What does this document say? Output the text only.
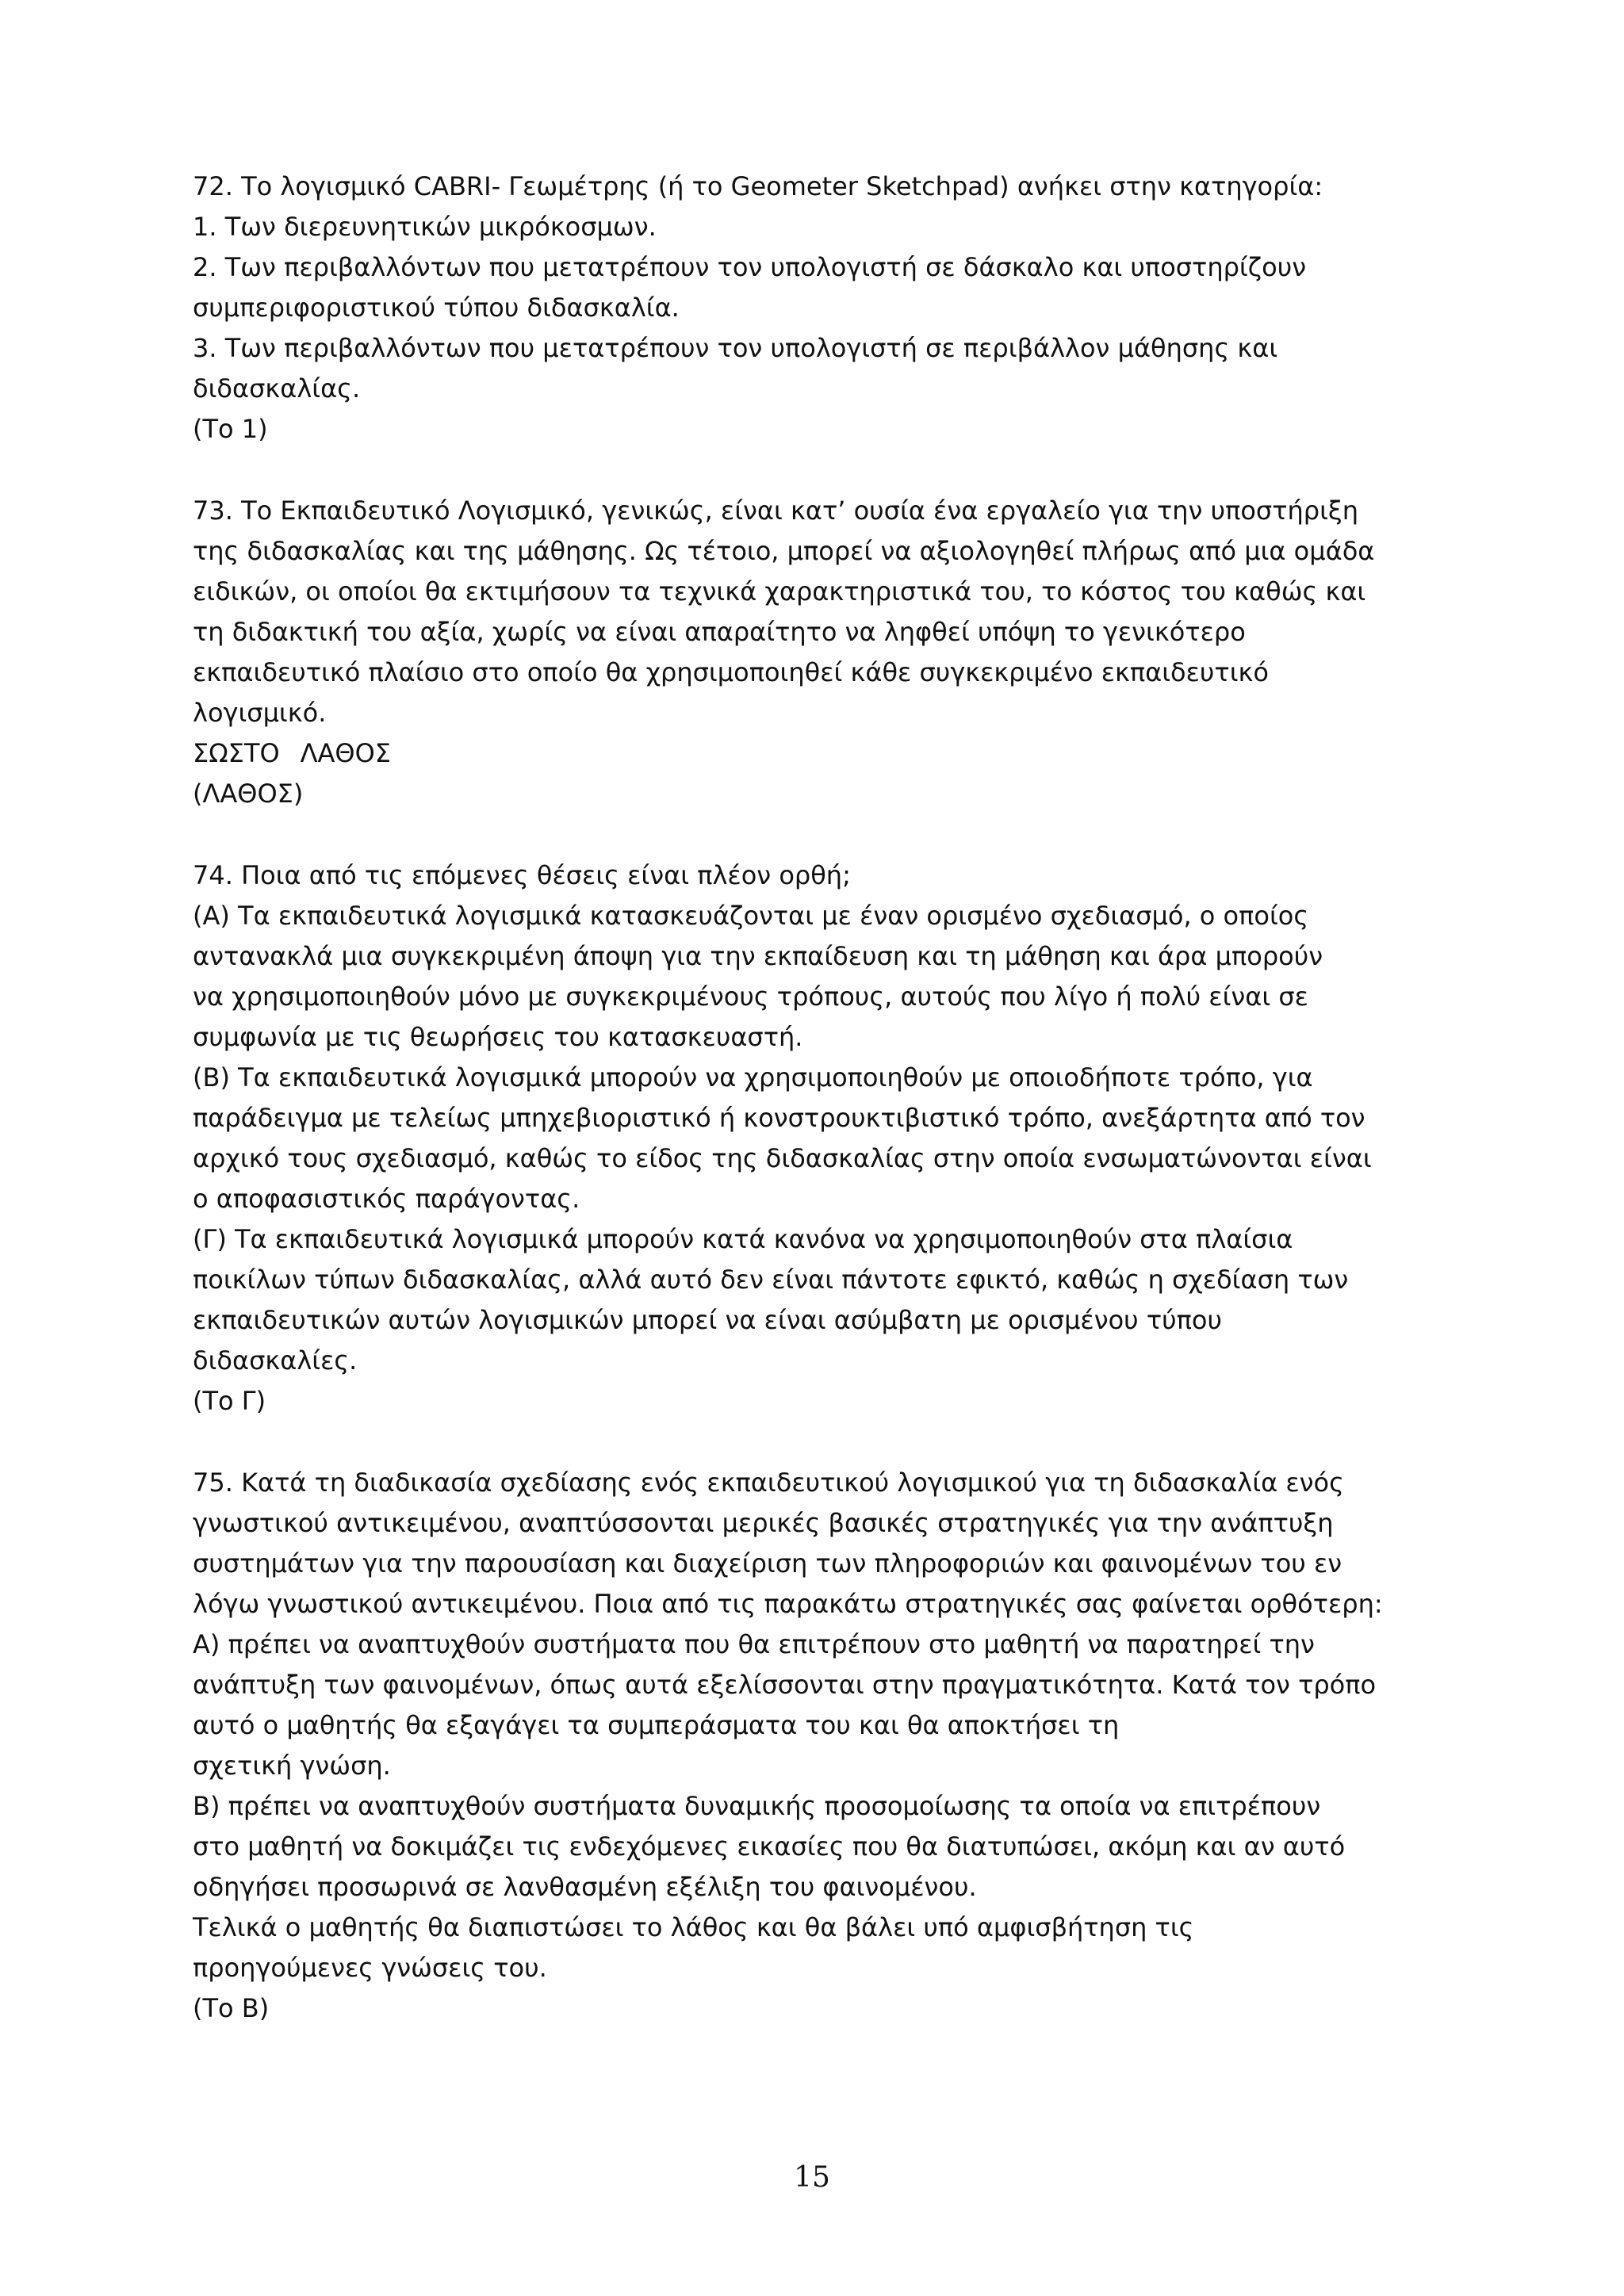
72. Το λογισμικό CABRI- Γεωμέτρης (ή το Geometer Sketchpad) ανήκει στην κατηγορία:
1. Των διερευνητικών μικρόκοσμων.
2. Των περιβαλλόντων που μετατρέπουν τον υπολογιστή σε δάσκαλο και υποστηρίζουν
συμπεριφοριστικού τύπου διδασκαλία.
3. Των περιβαλλόντων που μετατρέπουν τον υπολογιστή σε περιβάλλον μάθησης και
διδασκαλίας.
(Το 1)
73. Το Εκπαιδευτικό Λογισμικό, γενικώς, είναι κατ’ ουσία ένα εργαλείο για την υποστήριξη
της διδασκαλίας και της μάθησης. Ως τέτοιο, μπορεί να αξιολογηθεί πλήρως από μια ομάδα
ειδικών, οι οποίοι θα εκτιμήσουν τα τεχνικά χαρακτηριστικά του, το κόστος του καθώς και
τη διδακτική του αξία, χωρίς να είναι απαραίτητο να ληφθεί υπόψη το γενικότερο
εκπαιδευτικό πλαίσιο στο οποίο θα χρησιμοποιηθεί κάθε συγκεκριμένο εκπαιδευτικό
λογισμικό.
ΣΩΣΤΟ ΛΑΘΟΣ
(ΛΑΘΟΣ)
74. Ποια από τις επόμενες θέσεις είναι πλέον ορθή;
(Α) Τα εκπαιδευτικά λογισμικά κατασκευάζονται με έναν ορισμένο σχεδιασμό, ο οποίος
αντανακλά μια συγκεκριμένη άποψη για την εκπαίδευση και τη μάθηση και άρα μπορούν
να χρησιμοποιηθούν μόνο με συγκεκριμένους τρόπους, αυτούς που λίγο ή πολύ είναι σε
συμφωνία με τις θεωρήσεις του κατασκευαστή.
(Β) Τα εκπαιδευτικά λογισμικά μπορούν να χρησιμοποιηθούν με οποιοδήποτε τρόπο, για
παράδειγμα με τελείως μπηχεβιοριστικό ή κονστρουκτιβιστικό τρόπο, ανεξάρτητα από τον
αρχικό τους σχεδιασμό, καθώς το είδος της διδασκαλίας στην οποία ενσωματώνονται είναι
ο αποφασιστικός παράγοντας.
(Γ) Τα εκπαιδευτικά λογισμικά μπορούν κατά κανόνα να χρησιμοποιηθούν στα πλαίσια
ποικίλων τύπων διδασκαλίας, αλλά αυτό δεν είναι πάντοτε εφικτό, καθώς η σχεδίαση των
εκπαιδευτικών αυτών λογισμικών μπορεί να είναι ασύμβατη με ορισμένου τύπου
διδασκαλίες.
(Το Γ)
75. Κατά τη διαδικασία σχεδίασης ενός εκπαιδευτικού λογισμικού για τη διδασκαλία ενός
γνωστικού αντικειμένου, αναπτύσσονται μερικές βασικές στρατηγικές για την ανάπτυξη
συστημάτων για την παρουσίαση και διαχείριση των πληροφοριών και φαινομένων του εν
λόγω γνωστικού αντικειμένου. Ποια από τις παρακάτω στρατηγικές σας φαίνεται ορθότερη:
Α) πρέπει να αναπτυχθούν συστήματα που θα επιτρέπουν στο μαθητή να παρατηρεί την
ανάπτυξη των φαινομένων, όπως αυτά εξελίσσονται στην πραγματικότητα. Κατά τον τρόπο
αυτό ο μαθητής θα εξαγάγει τα συμπεράσματα του και θα αποκτήσει τη
σχετική γνώση.
Β) πρέπει να αναπτυχθούν συστήματα δυναμικής προσομοίωσης τα οποία να επιτρέπουν
στο μαθητή να δοκιμάζει τις ενδεχόμενες εικασίες που θα διατυπώσει, ακόμη και αν αυτό
οδηγήσει προσωρινά σε λανθασμένη εξέλιξη του φαινομένου.
Τελικά ο μαθητής θα διαπιστώσει το λάθος και θα βάλει υπό αμφισβήτηση τις
προηγούμενες γνώσεις του.
(Το Β)
15
